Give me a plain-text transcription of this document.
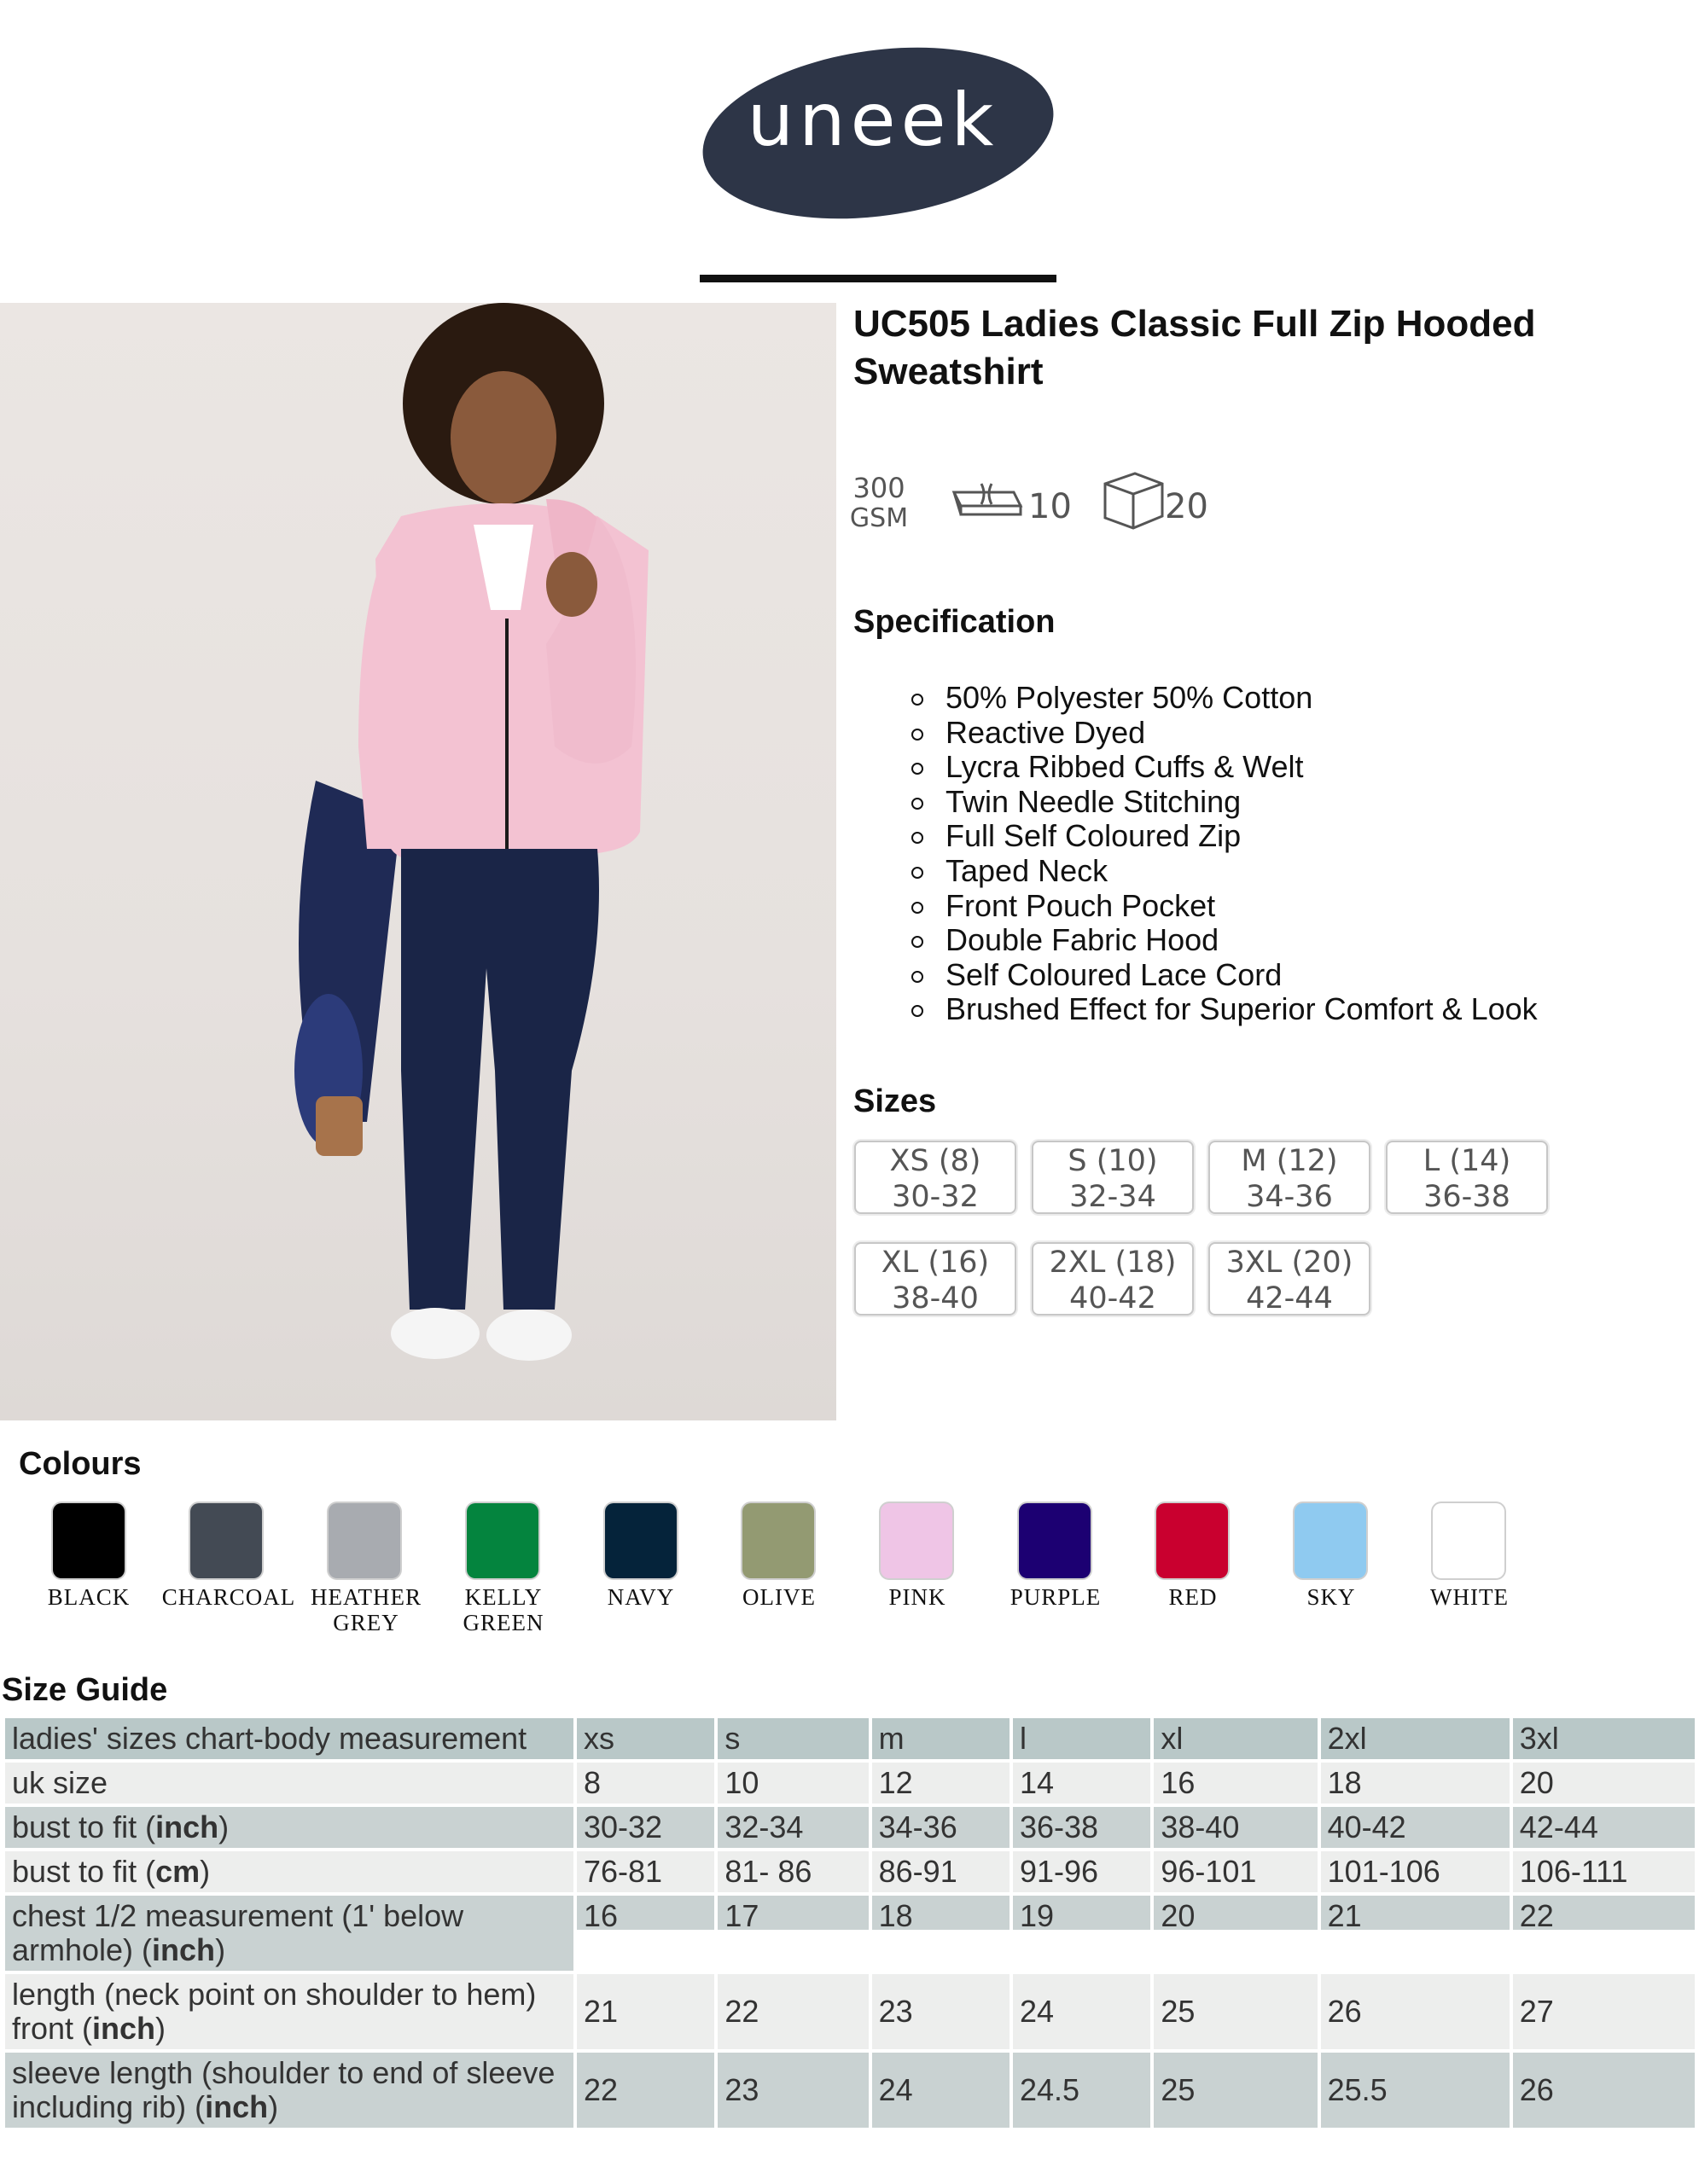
uneek
UC505 Ladies Classic Full Zip Hooded Sweatshirt
300
GSM	10	20
Specification
50% Polyester 50% Cotton
Reactive Dyed
Lycra Ribbed Cuffs & Welt
Twin Needle Stitching
Full Self Coloured Zip
Taped Neck
Front Pouch Pocket
Double Fabric Hood
Self Coloured Lace Cord
Brushed Effect for Superior Comfort & Look
Sizes
XS (8)
30-32
S (10)
32-34
M (12)
34-36
L (14)
36-38
XL (16)
38-40
2XL (18)
40-42
3XL (20)
42-44
Colours
BLACK	CHARCOAL HEATHER GREY
KELLY GREEN
NAVY	OLIVE	PINK	PURPLE	RED	SKY	WHITE
Size Guide
ladies' sizes chart-body measurement	xs	s	m	l	xl	2xl	3xl
uk size	8	10	12	14	16	18	20
bust to fit (inch)	30-32	32-34	34-36	36-38	38-40	40-42	42-44
bust to fit (cm)	76-81	81- 86	86-91	91-96	96-101	101-106	106-111
chest 1/2 measurement (1' below armhole) (inch)	16	17	18	19	20	21	22
length (neck point on shoulder to hem) front (inch)	21	22	23	24	25	26	27
sleeve length (shoulder to end of sleeve including rib) (inch)	22	23	24	24.5	25	25.5	26
